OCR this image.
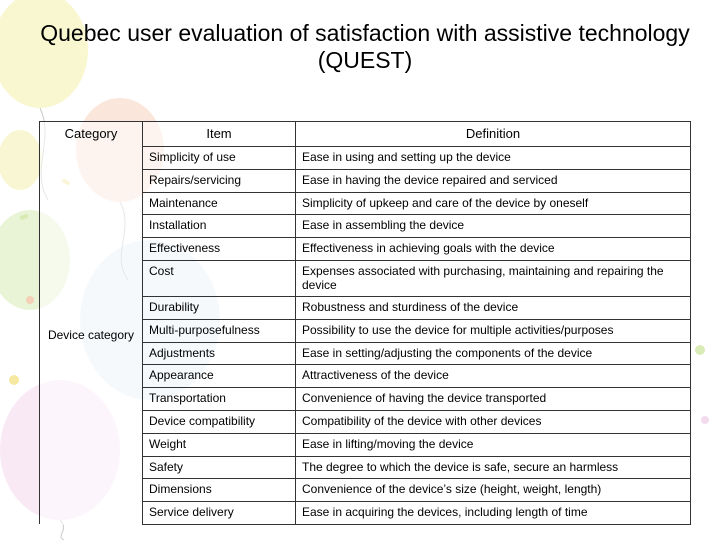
Quebec user evaluation of satisfaction with assistive technology (QUEST)
Category	Item	Definition
Device category	Simplicity of use	Ease in using and setting up the device
	Repairs/servicing	Ease in having the device repaired and serviced
	Maintenance	Simplicity of upkeep and care of the device by oneself
	Installation	Ease in assembling the device
	Effectiveness	Effectiveness in achieving goals with the device
	Cost	Expenses associated with purchasing, maintaining and repairing the device
	Durability	Robustness and sturdiness of the device
	Multi-purposefulness	Possibility to use the device for multiple activities/purposes
	Adjustments	Ease in setting/adjusting the components of the device
	Appearance	Attractiveness of the device
	Transportation	Convenience of having the device transported
	Device compatibility	Compatibility of the device with other devices
	Weight	Ease in lifting/moving the device
	Safety	The degree to which the device is safe, secure an harmless
	Dimensions	Convenience of the device’s size (height, weight, length)
	Service delivery	Ease in acquiring the devices, including length of time
